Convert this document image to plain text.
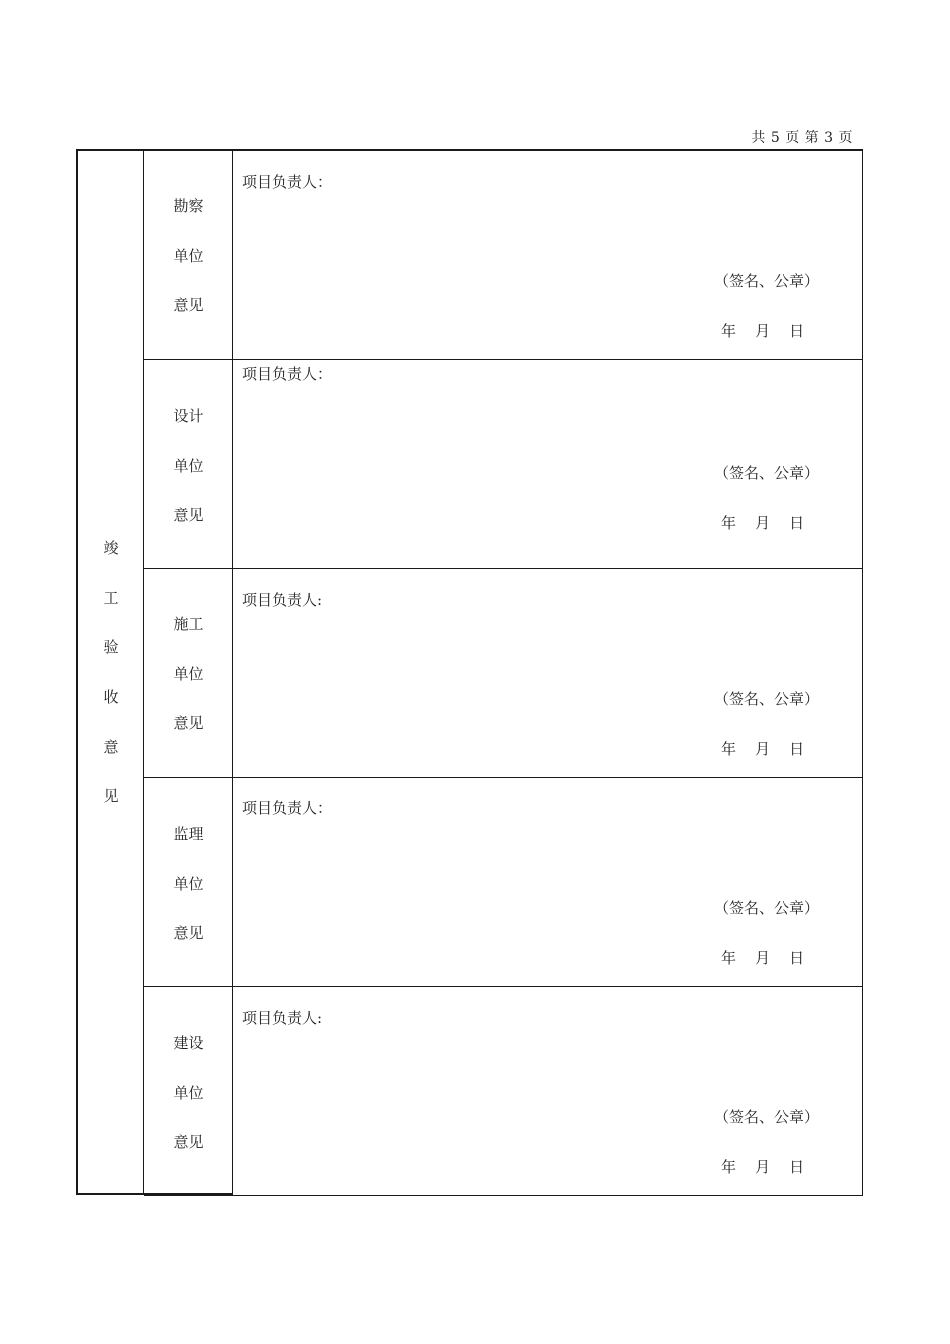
共 5 页 第 3 页
竣
工
验
收
意
见
勘察
单位
意见
项目负责人：
（签名、公章）
年    月    日
设计
单位
意见
项目负责人：
（签名、公章）
年    月    日
施工
单位
意见
项目负责人:
（签名、公章）
年    月    日
监理
单位
意见
项目负责人：
（签名、公章）
年    月    日
建设
单位
意见
项目负责人:
（签名、公章）
年    月    日
